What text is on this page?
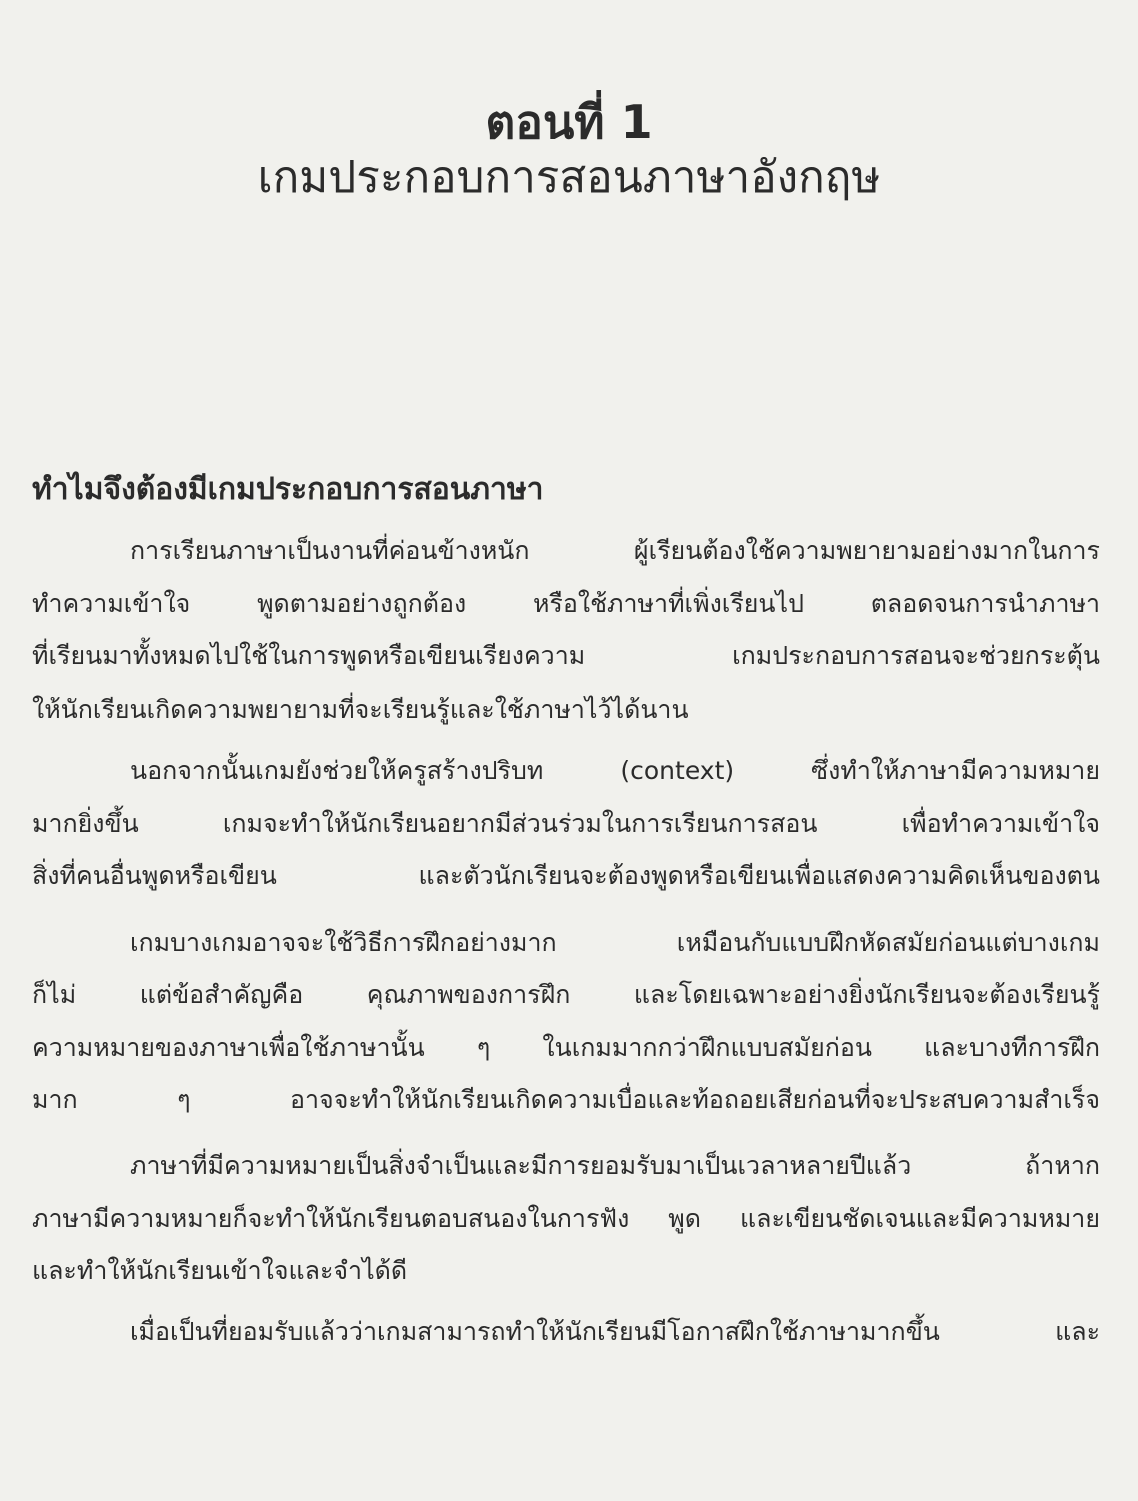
ตอนที่ 1
เกมประกอบการสอนภาษาอังกฤษ
ทำไมจึงต้องมีเกมประกอบการสอนภาษา
การเรียนภาษาเป็นงานที่ค่อนข้างหนัก ผู้เรียนต้องใช้ความพยายามอย่างมากในการ
ทำความเข้าใจ พูดตามอย่างถูกต้อง หรือใช้ภาษาที่เพิ่งเรียนไป ตลอดจนการนำภาษา
ที่เรียนมาทั้งหมดไปใช้ในการพูดหรือเขียนเรียงความ เกมประกอบการสอนจะช่วยกระตุ้น
ให้นักเรียนเกิดความพยายามที่จะเรียนรู้และใช้ภาษาไว้ได้นาน
นอกจากนั้นเกมยังช่วยให้ครูสร้างปริบท (context) ซึ่งทำให้ภาษามีความหมาย
มากยิ่งขึ้น เกมจะทำให้นักเรียนอยากมีส่วนร่วมในการเรียนการสอน เพื่อทำความเข้าใจ
สิ่งที่คนอื่นพูดหรือเขียน และตัวนักเรียนจะต้องพูดหรือเขียนเพื่อแสดงความคิดเห็นของตน
เกมบางเกมอาจจะใช้วิธีการฝึกอย่างมาก เหมือนกับแบบฝึกหัดสมัยก่อนแต่บางเกม
ก็ไม่ แต่ข้อสำคัญคือ คุณภาพของการฝึก และโดยเฉพาะอย่างยิ่งนักเรียนจะต้องเรียนรู้
ความหมายของภาษาเพื่อใช้ภาษานั้น ๆ ในเกมมากกว่าฝึกแบบสมัยก่อน และบางทีการฝึก
มาก ๆ อาจจะทำให้นักเรียนเกิดความเบื่อและท้อถอยเสียก่อนที่จะประสบความสำเร็จ
ภาษาที่มีความหมายเป็นสิ่งจำเป็นและมีการยอมรับมาเป็นเวลาหลายปีแล้ว ถ้าหาก
ภาษามีความหมายก็จะทำให้นักเรียนตอบสนองในการฟัง พูด และเขียนชัดเจนและมีความหมาย
และทำให้นักเรียนเข้าใจและจำได้ดี
เมื่อเป็นที่ยอมรับแล้วว่าเกมสามารถทำให้นักเรียนมีโอกาสฝึกใช้ภาษามากขึ้น และ
